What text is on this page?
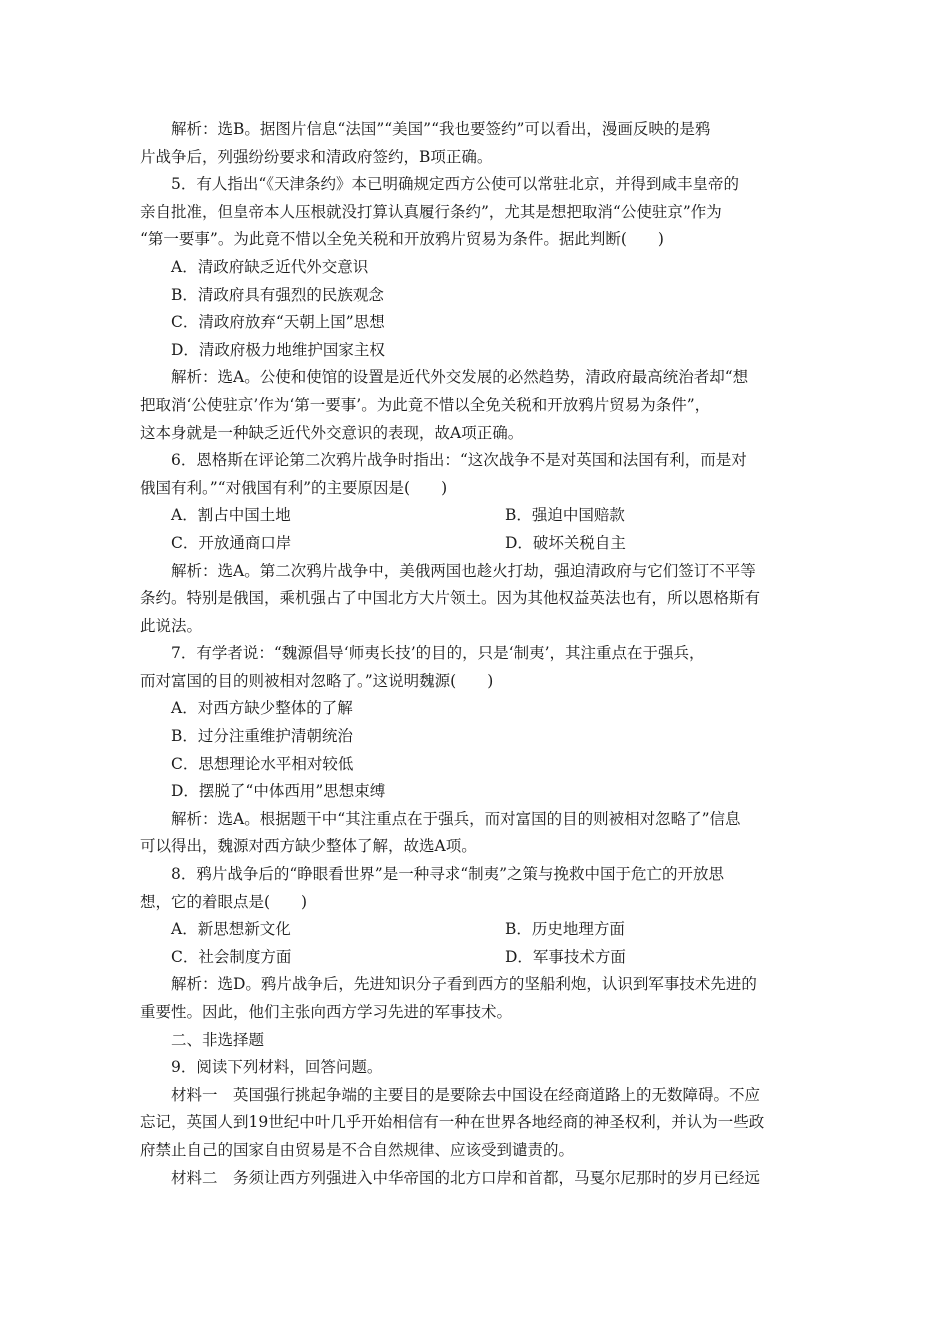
解析：选B。据图片信息“法国”“美国”“我也要签约”可以看出，漫画反映的是鸦
片战争后，列强纷纷要求和清政府签约，B项正确。
5．有人指出“《天津条约》本已明确规定西方公使可以常驻北京，并得到咸丰皇帝的
亲自批准，但皇帝本人压根就没打算认真履行条约”，尤其是想把取消“公使驻京”作为
“第一要事”。为此竟不惜以全免关税和开放鸦片贸易为条件。据此判断(　　)
A．清政府缺乏近代外交意识
B．清政府具有强烈的民族观念
C．清政府放弃“天朝上国”思想
D．清政府极力地维护国家主权
解析：选A。公使和使馆的设置是近代外交发展的必然趋势，清政府最高统治者却“想
把取消‘公使驻京’作为‘第一要事’。为此竟不惜以全免关税和开放鸦片贸易为条件”，
这本身就是一种缺乏近代外交意识的表现，故A项正确。
6．恩格斯在评论第二次鸦片战争时指出：“这次战争不是对英国和法国有利，而是对
俄国有利。”“对俄国有利”的主要原因是(　　)
A．割占中国土地	B．强迫中国赔款
C．开放通商口岸	D．破坏关税自主
解析：选A。第二次鸦片战争中，美俄两国也趁火打劫，强迫清政府与它们签订不平等
条约。特别是俄国，乘机强占了中国北方大片领土。因为其他权益英法也有，所以恩格斯有
此说法。
7．有学者说：“魏源倡导‘师夷长技’的目的，只是‘制夷’，其注重点在于强兵，
而对富国的目的则被相对忽略了。”这说明魏源(　　)
A．对西方缺少整体的了解
B．过分注重维护清朝统治
C．思想理论水平相对较低
D．摆脱了“中体西用”思想束缚
解析：选A。根据题干中“其注重点在于强兵，而对富国的目的则被相对忽略了”信息
可以得出，魏源对西方缺少整体了解，故选A项。
8．鸦片战争后的“睁眼看世界”是一种寻求“制夷”之策与挽救中国于危亡的开放思
想，它的着眼点是(　　)
A．新思想新文化	B．历史地理方面
C．社会制度方面	D．军事技术方面
解析：选D。鸦片战争后，先进知识分子看到西方的坚船利炮，认识到军事技术先进的
重要性。因此，他们主张向西方学习先进的军事技术。
二、非选择题
9．阅读下列材料，回答问题。
材料一　英国强行挑起争端的主要目的是要除去中国设在经商道路上的无数障碍。不应
忘记，英国人到19世纪中叶几乎开始相信有一种在世界各地经商的神圣权利，并认为一些政
府禁止自己的国家自由贸易是不合自然规律、应该受到谴责的。
材料二　务须让西方列强进入中华帝国的北方口岸和首都，马戛尔尼那时的岁月已经远
